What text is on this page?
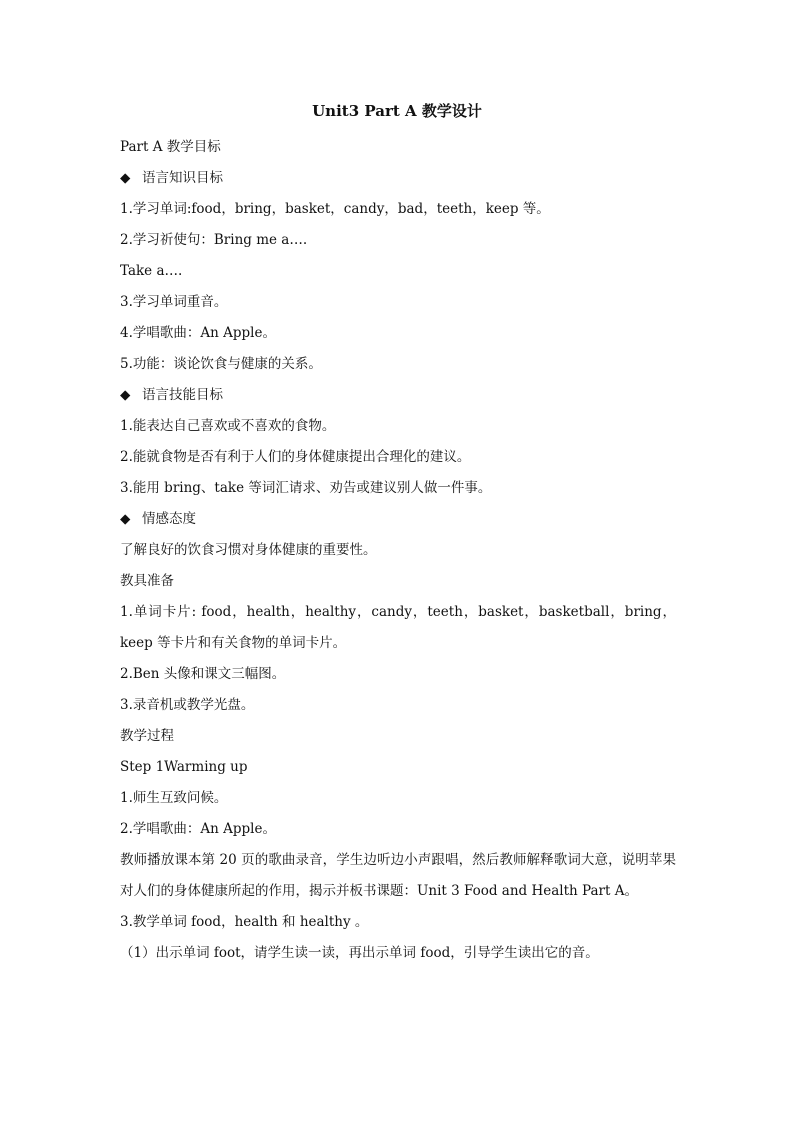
Unit3 Part A 教学设计
Part A 教学目标
◆ 语言知识目标
1.学习单词:food，bring，basket，candy，bad，teeth，keep 等。
2.学习祈使句：Bring me a….
Take a….
3.学习单词重音。
4.学唱歌曲：An Apple。
5.功能：谈论饮食与健康的关系。
◆ 语言技能目标
1.能表达自己喜欢或不喜欢的食物。
2.能就食物是否有利于人们的身体健康提出合理化的建议。
3.能用 bring、take 等词汇请求、劝告或建议别人做一件事。
◆ 情感态度
了解良好的饮食习惯对身体健康的重要性。
教具准备
1.单词卡片: food，health，healthy，candy，teeth，basket，basketball，bring，keep 等卡片和有关食物的单词卡片。
2.Ben 头像和课文三幅图。
3.录音机或教学光盘。
教学过程
Step 1Warming up
1.师生互致问候。
2.学唱歌曲：An Apple。
教师播放课本第 20 页的歌曲录音，学生边听边小声跟唱，然后教师解释歌词大意，说明苹果对人们的身体健康所起的作用，揭示并板书课题：Unit 3 Food and Health Part A。
3.教学单词 food，health 和 healthy 。
（1）出示单词 foot，请学生读一读，再出示单词 food，引导学生读出它的音。
